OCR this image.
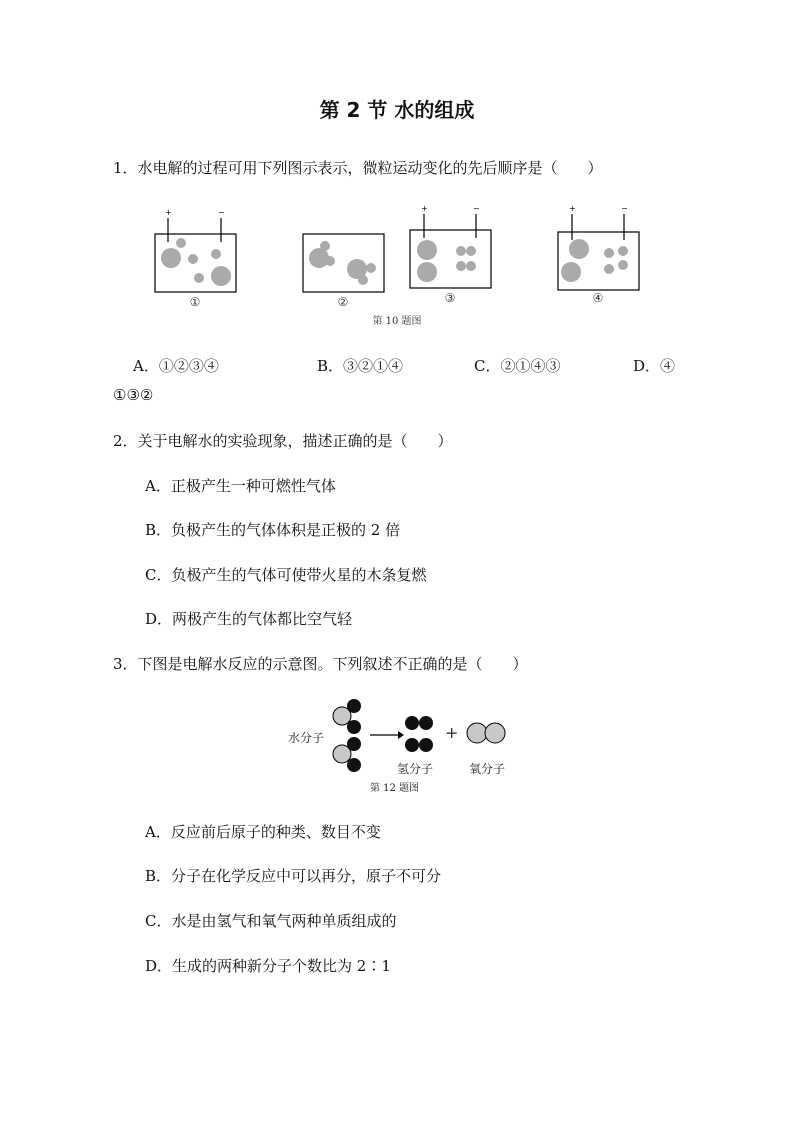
第 2 节 水的组成
1．水电解的过程可用下列图示表示，微粒运动变化的先后顺序是（　　）
+	−	+	−	+	−
①	②	③	④
第 10 题图
A．①②③④	B．③②①④	C．②①④③	D．④
①③②
2．关于电解水的实验现象，描述正确的是（　　）
A．正极产生一种可燃性气体
B．负极产生的气体体积是正极的 2 倍
C．负极产生的气体可使带火星的木条复燃
D．两极产生的气体都比空气轻
3．下图是电解水反应的示意图。下列叙述不正确的是（　　）
水分子
氢分子	氧分子
+
第 12 题图
A．反应前后原子的种类、数目不变
B．分子在化学反应中可以再分，原子不可分
C．水是由氢气和氧气两种单质组成的
D．生成的两种新分子个数比为 2∶1
